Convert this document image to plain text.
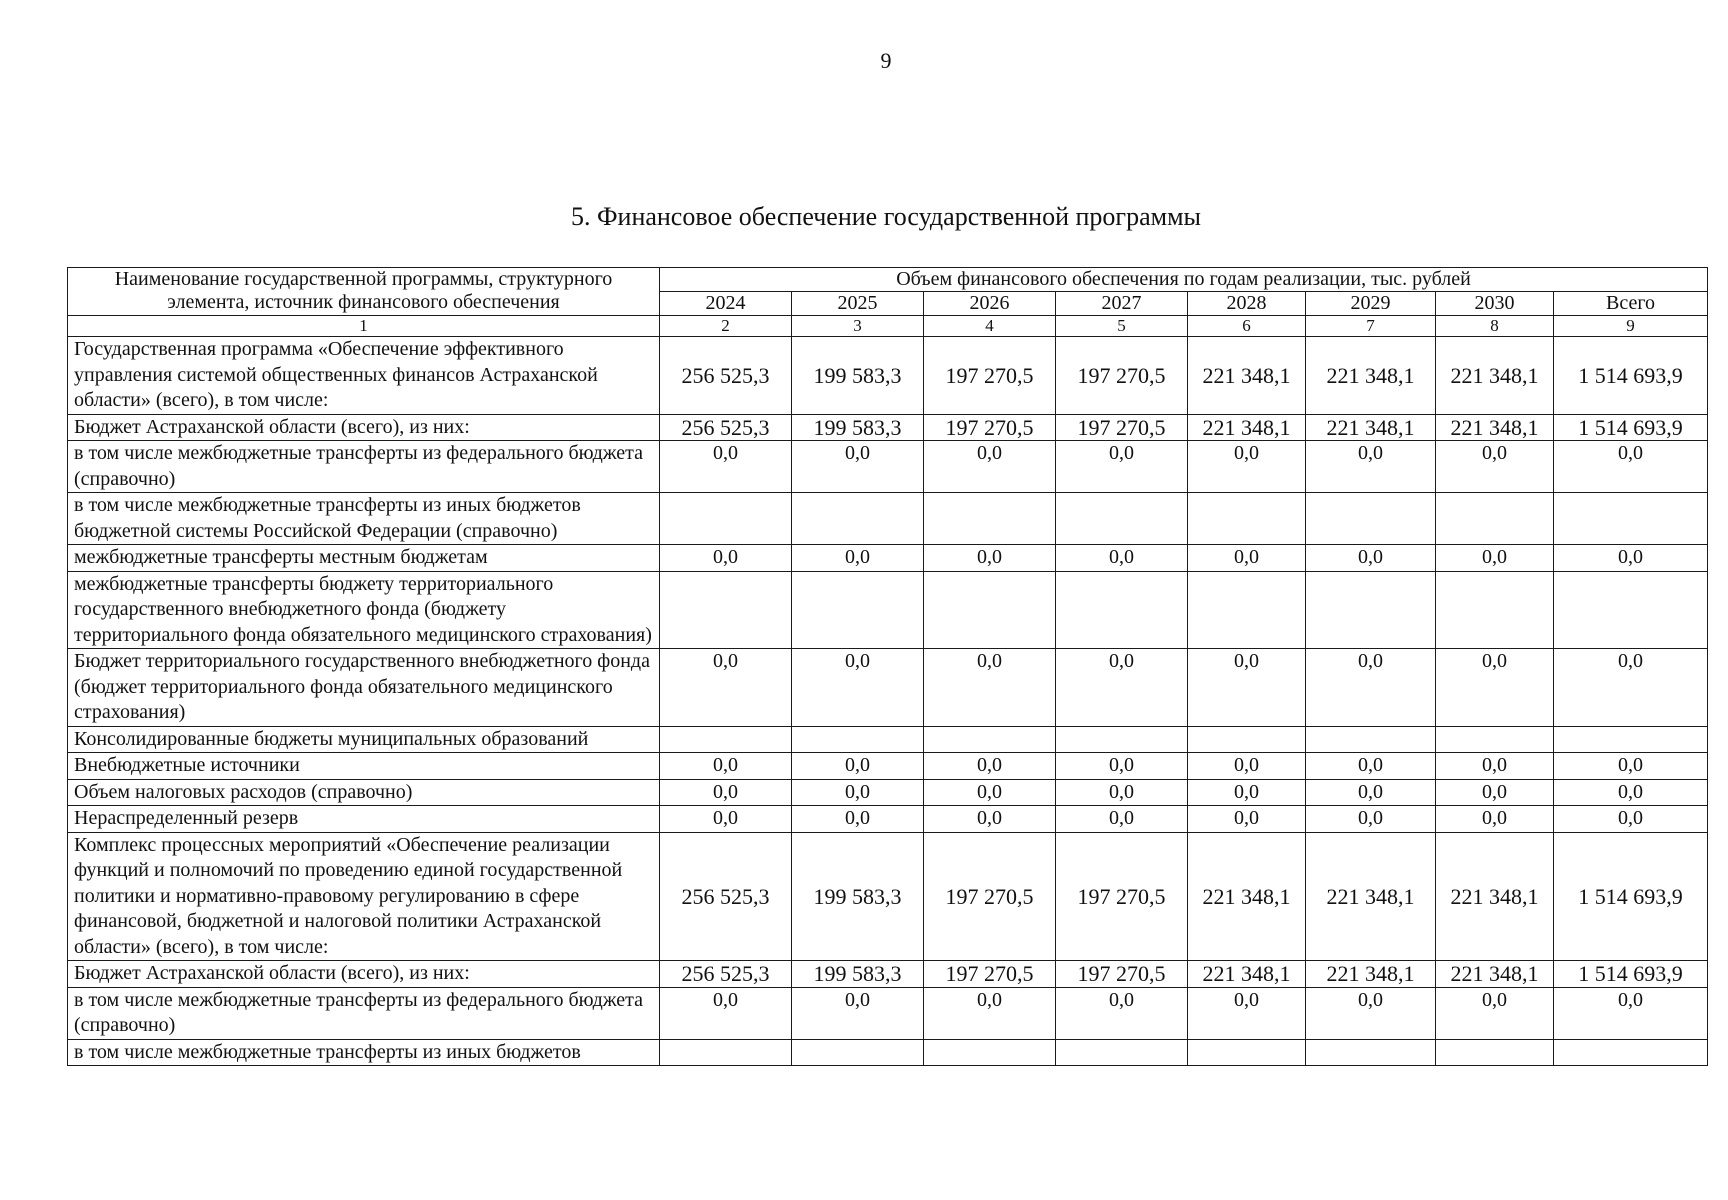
9
5. Финансовое обеспечение государственной программы
Наименование государственной программы, структурного элемента, источник финансового обеспечения	Объем финансового обеспечения по годам реализации, тыс. рублей							
	2024	2025	2026	2027	2028	2029	2030	Всего
1	2	3	4	5	6	7	8	9
Государственная программа «Обеспечение эффективного управления системой общественных финансов Астраханской области» (всего), в том числе:	256 525,3	199 583,3	197 270,5	197 270,5	221 348,1	221 348,1	221 348,1	1 514 693,9
Бюджет Астраханской области (всего), из них:	256 525,3	199 583,3	197 270,5	197 270,5	221 348,1	221 348,1	221 348,1	1 514 693,9
в том числе межбюджетные трансферты из федерального бюджета (справочно)	0,0	0,0	0,0	0,0	0,0	0,0	0,0	0,0
в том числе межбюджетные трансферты из иных бюджетов бюджетной системы Российской Федерации (справочно)								
межбюджетные трансферты местным бюджетам	0,0	0,0	0,0	0,0	0,0	0,0	0,0	0,0
межбюджетные трансферты бюджету территориального государственного внебюджетного фонда (бюджету территориального фонда обязательного медицинского страхования)								
Бюджет территориального государственного внебюджетного фонда (бюджет территориального фонда обязательного медицинского страхования)	0,0	0,0	0,0	0,0	0,0	0,0	0,0	0,0
Консолидированные бюджеты муниципальных образований								
Внебюджетные источники	0,0	0,0	0,0	0,0	0,0	0,0	0,0	0,0
Объем налоговых расходов (справочно)	0,0	0,0	0,0	0,0	0,0	0,0	0,0	0,0
Нераспределенный резерв	0,0	0,0	0,0	0,0	0,0	0,0	0,0	0,0
Комплекс процессных мероприятий «Обеспечение реализации функций и полномочий по проведению единой государственной политики и нормативно-правовому регулированию в сфере финансовой, бюджетной и налоговой политики Астраханской области» (всего), в том числе:	256 525,3	199 583,3	197 270,5	197 270,5	221 348,1	221 348,1	221 348,1	1 514 693,9
Бюджет Астраханской области (всего), из них:	256 525,3	199 583,3	197 270,5	197 270,5	221 348,1	221 348,1	221 348,1	1 514 693,9
в том числе межбюджетные трансферты из федерального бюджета (справочно)	0,0	0,0	0,0	0,0	0,0	0,0	0,0	0,0
в том числе межбюджетные трансферты из иных бюджетов								
